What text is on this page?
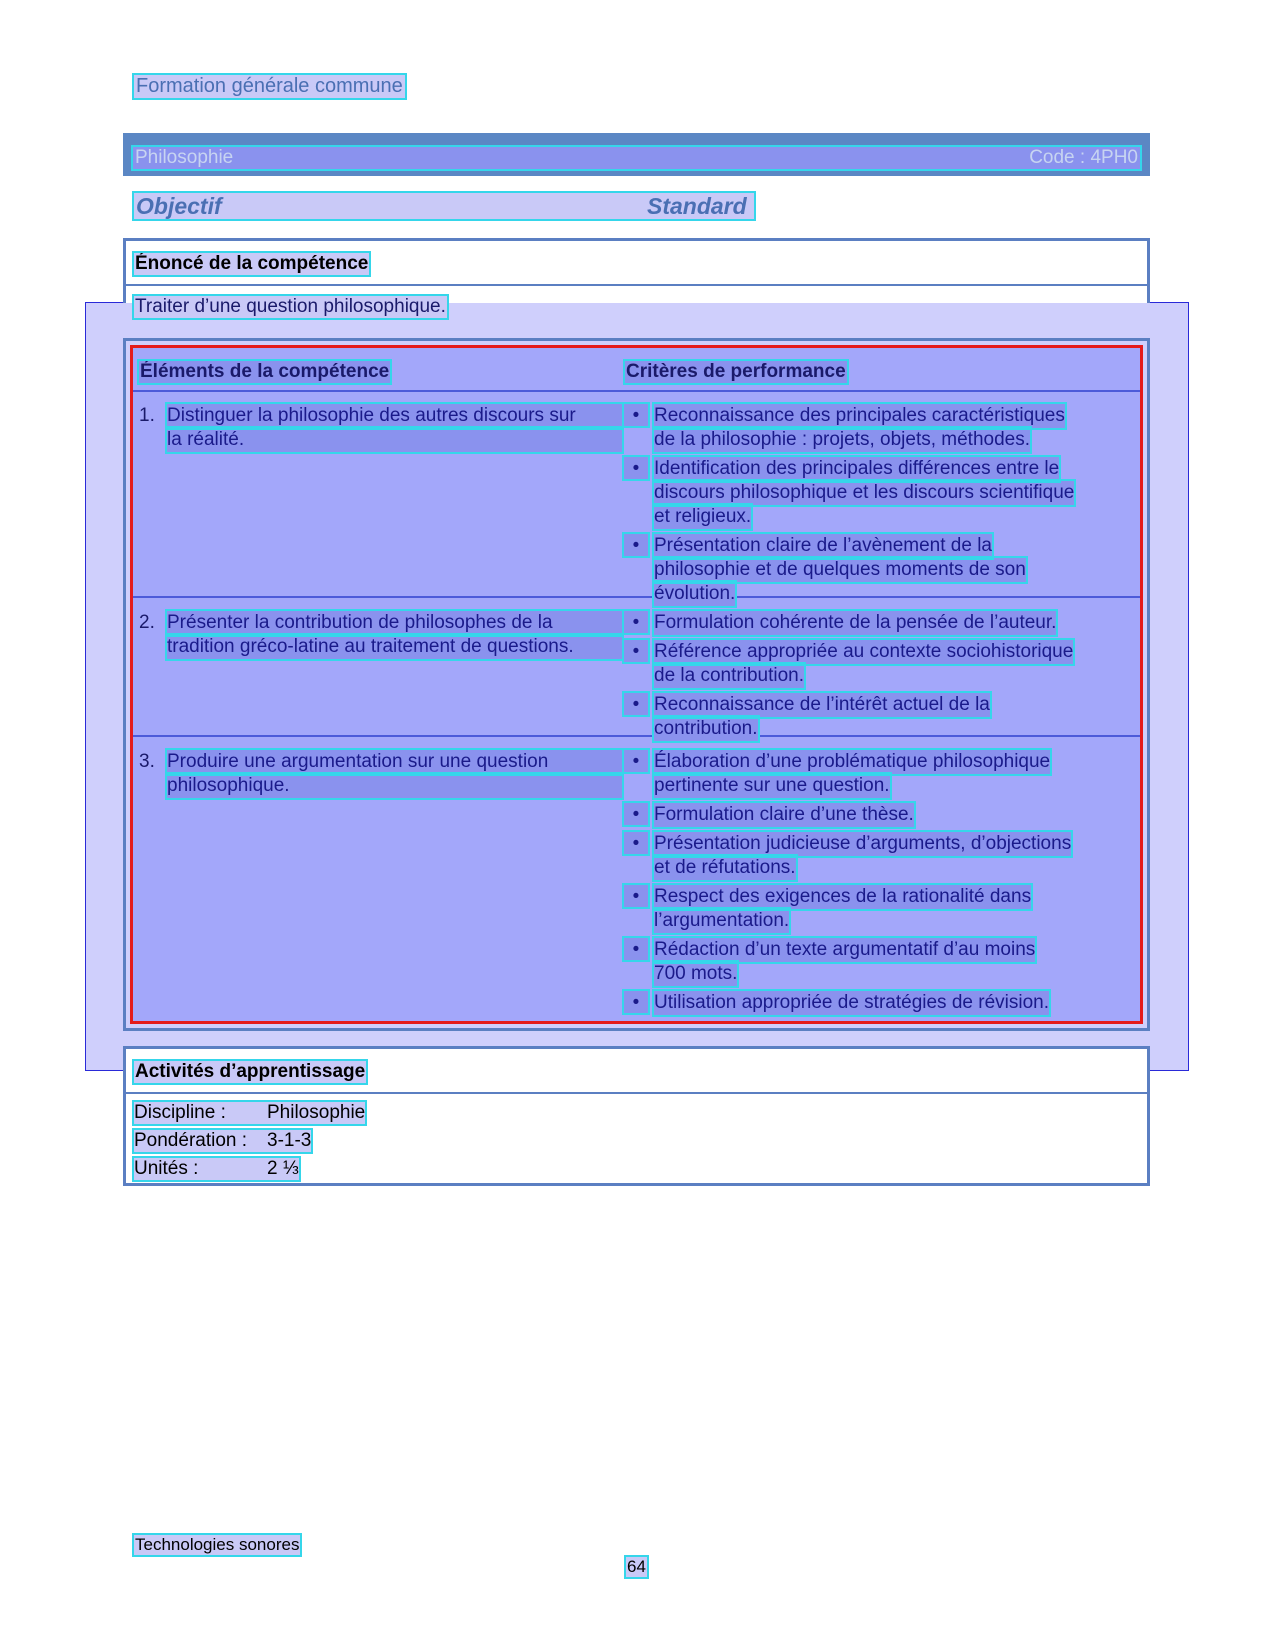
Formation générale commune
Philosophie	Code : 4PH0
Objectif	Standard
Énoncé de la compétence
Traiter d’une question philosophique.
Éléments de la compétence	Critères de performance
1. Distinguer la philosophie des autres discours sur
la réalité.
• Reconnaissance des principales caractéristiques
de la philosophie : projets, objets, méthodes.
• Identification des principales différences entre le
discours philosophique et les discours scientifique
et religieux.
• Présentation claire de l’avènement de la
philosophie et de quelques moments de son
évolution.
2. Présenter la contribution de philosophes de la
tradition gréco-latine au traitement de questions.
• Formulation cohérente de la pensée de l’auteur.
• Référence appropriée au contexte sociohistorique
de la contribution.
• Reconnaissance de l’intérêt actuel de la
contribution.
3. Produire une argumentation sur une question
philosophique.
• Élaboration d’une problématique philosophique
pertinente sur une question.
• Formulation claire d’une thèse.
• Présentation judicieuse d’arguments, d’objections
et de réfutations.
• Respect des exigences de la rationalité dans
l’argumentation.
• Rédaction d’un texte argumentatif d’au moins
700 mots.
• Utilisation appropriée de stratégies de révision.
Activités d’apprentissage
Discipline : Philosophie
Pondération : 3-1-3
Unités :	2 ⅓
Technologies sonores
64
